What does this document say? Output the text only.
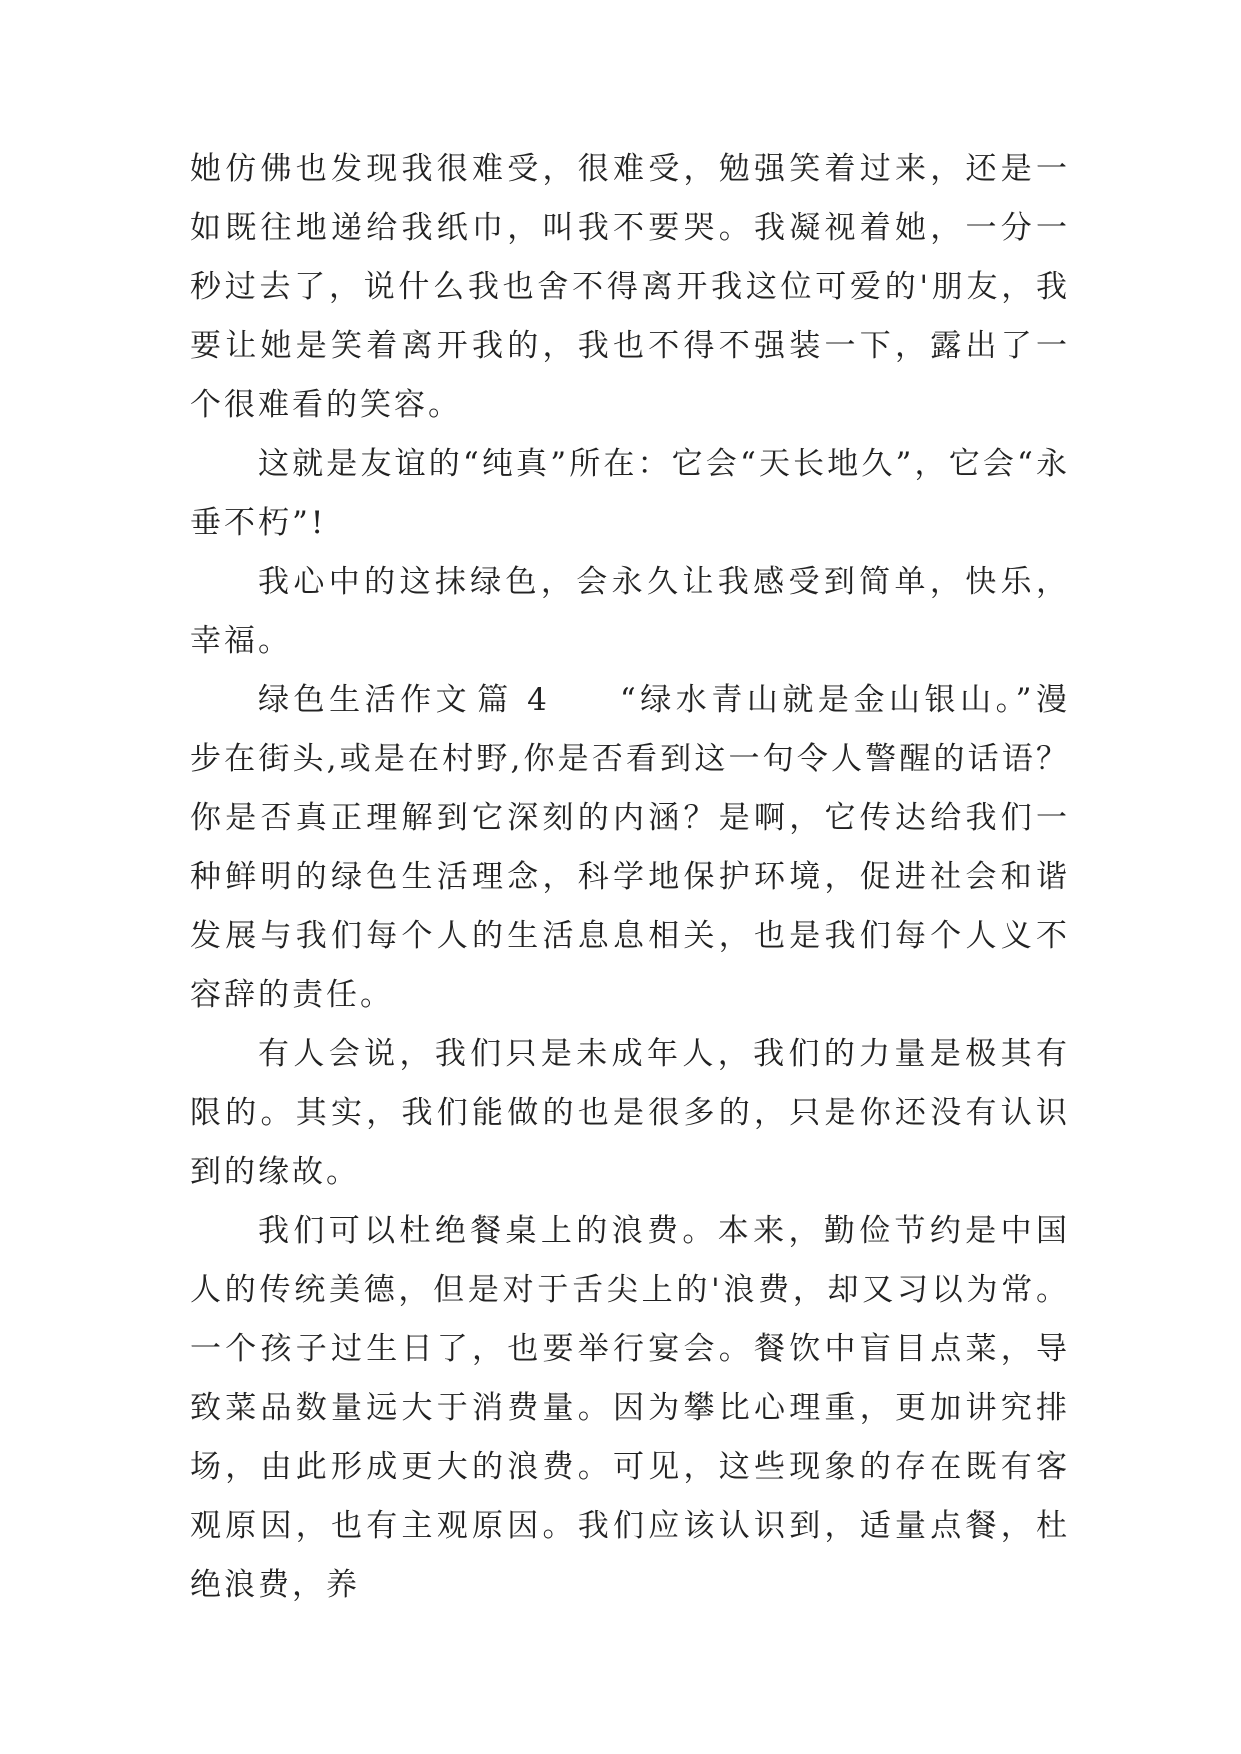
她仿佛也发现我很难受，很难受，勉强笑着过来，还是一如既往地递给我纸巾，叫我不要哭。我凝视着她，一分一秒过去了，说什么我也舍不得离开我这位可爱的'朋友，我要让她是笑着离开我的，我也不得不强装一下，露出了一个很难看的笑容。

这就是友谊的“纯真”所在：它会“天长地久”，它会“永垂不朽”!

我心中的这抹绿色，会永久让我感受到简单，快乐，幸福。

绿色生活作文 篇 4 “绿水青山就是金山银山。”漫步在街头,或是在村野,你是否看到这一句令人警醒的话语？你是否真正理解到它深刻的内涵？是啊，它传达给我们一种鲜明的绿色生活理念，科学地保护环境，促进社会和谐发展与我们每个人的生活息息相关，也是我们每个人义不容辞的责任。

有人会说，我们只是未成年人，我们的力量是极其有限的。其实，我们能做的也是很多的，只是你还没有认识到的缘故。

我们可以杜绝餐桌上的浪费。本来，勤俭节约是中国人的传统美德，但是对于舌尖上的'浪费，却又习以为常。一个孩子过生日了，也要举行宴会。餐饮中盲目点菜，导致菜品数量远大于消费量。因为攀比心理重，更加讲究排场，由此形成更大的浪费。可见，这些现象的存在既有客观原因，也有主观原因。我们应该认识到，适量点餐，杜绝浪费，养
